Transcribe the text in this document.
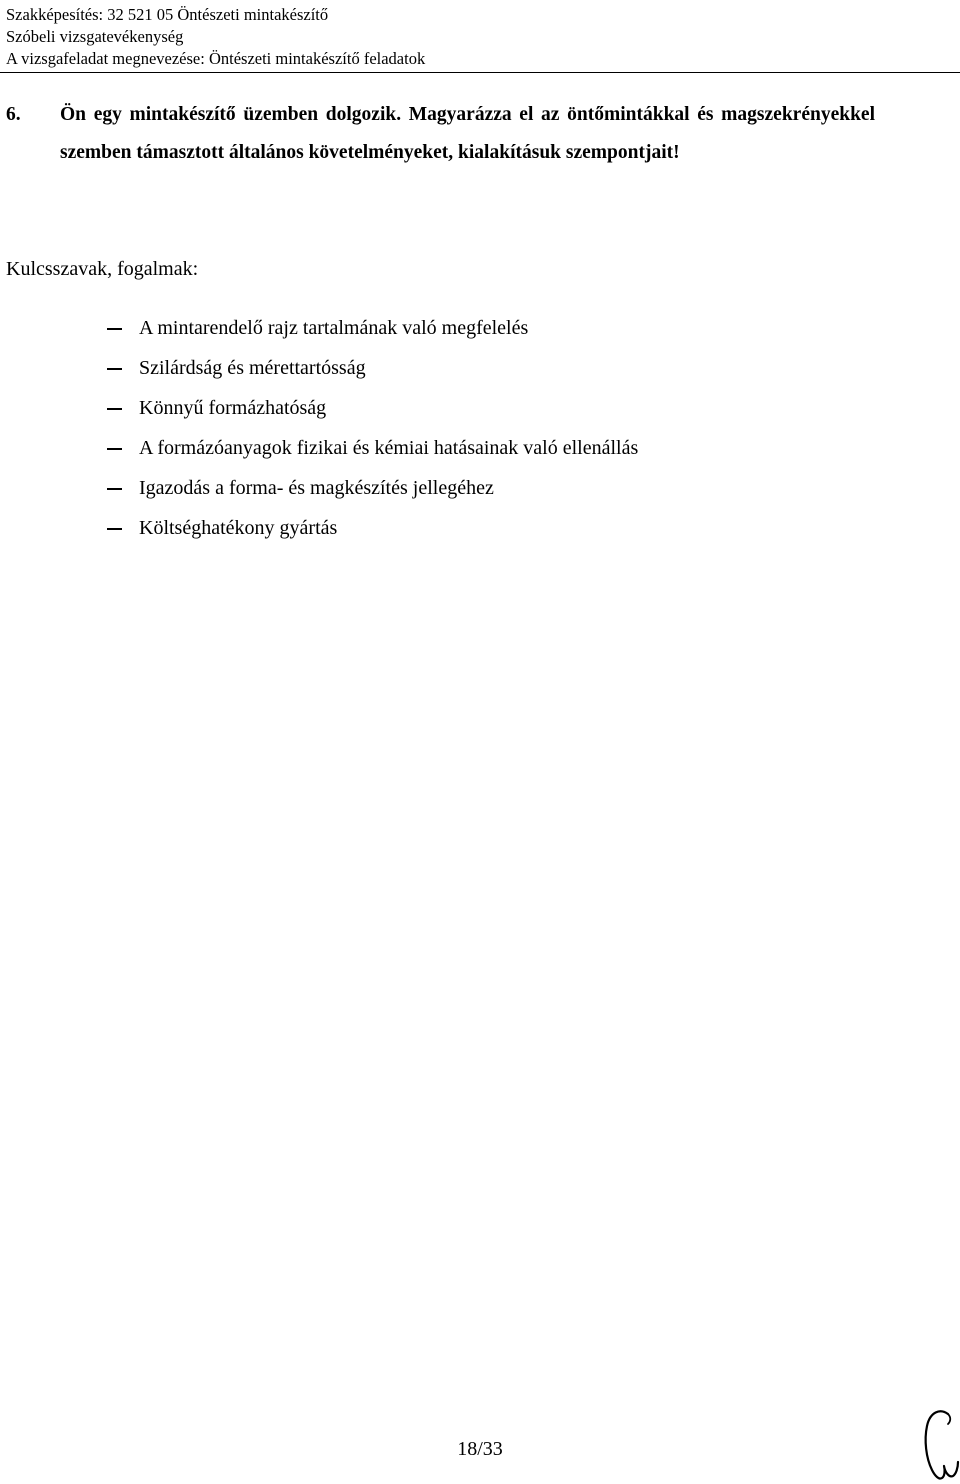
Szakképesítés: 32 521 05 Öntészeti mintakészítő
Szóbeli vizsgatevékenység
A vizsgafeladat megnevezése: Öntészeti mintakészítő feladatok
6. Ön egy mintakészítő üzemben dolgozik. Magyarázza el az öntőmintákkal és magszekrényekkel szemben támasztott általános követelményeket, kialakításuk szempontjait!
Kulcsszavak, fogalmak:
A mintarendelő rajz tartalmának való megfelelés
Szilárdság és mérettartósság
Könnyű formázhatóság
A formázóanyagok fizikai és kémiai hatásainak való ellenállás
Igazodás a forma- és magkészítés jellegéhez
Költséghatékony gyártás
18/33
